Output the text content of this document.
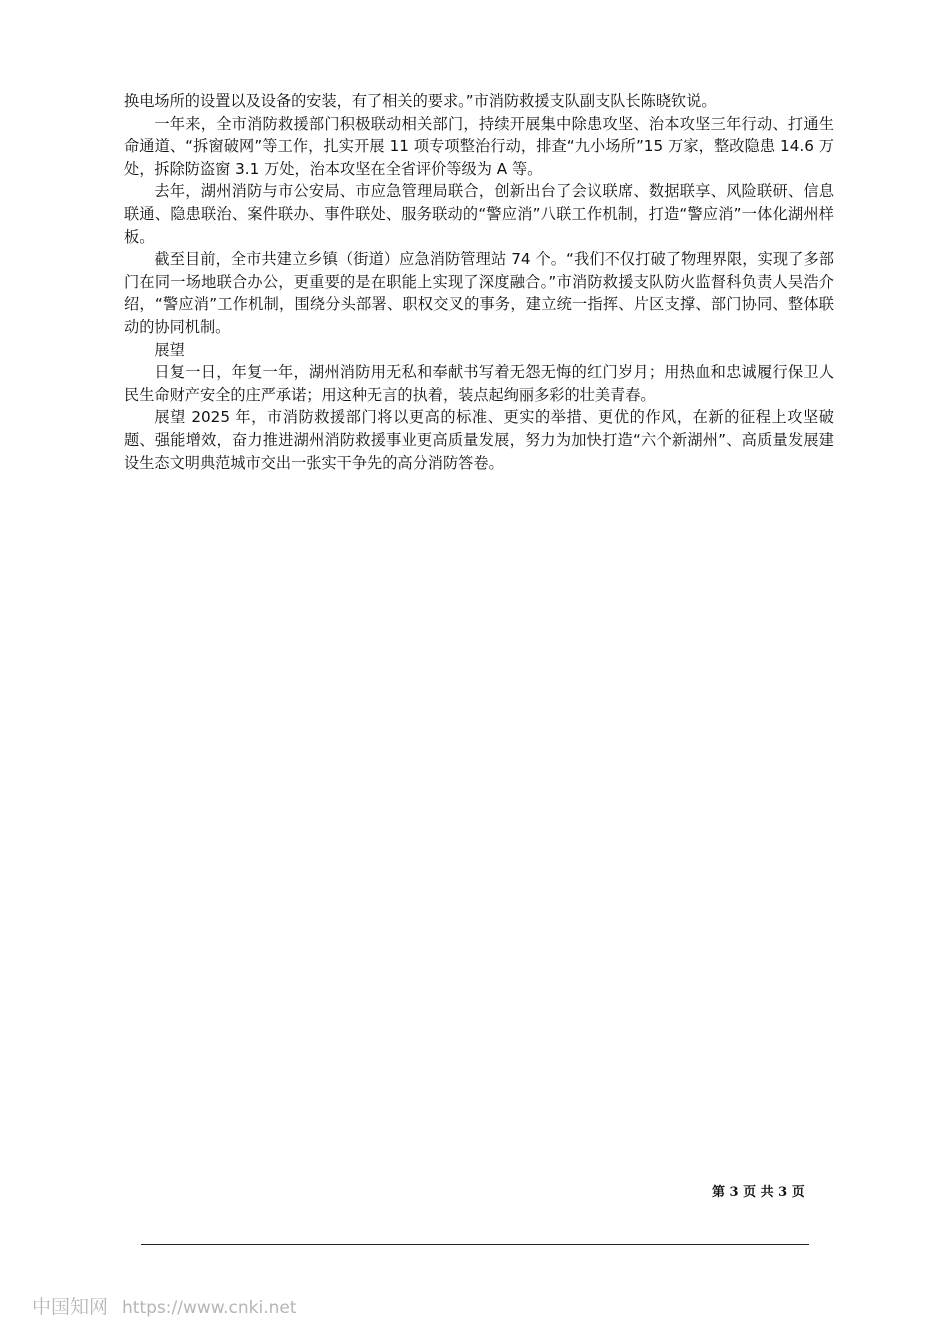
换电场所的设置以及设备的安装，有了相关的要求。”市消防救援支队副支队长陈晓钦说。

一年来，全市消防救援部门积极联动相关部门，持续开展集中除患攻坚、治本攻坚三年行动、打通生命通道、“拆窗破网”等工作，扎实开展 11 项专项整治行动，排查“九小场所”15 万家，整改隐患 14.6 万处，拆除防盗窗 3.1 万处，治本攻坚在全省评价等级为 A 等。

去年，湖州消防与市公安局、市应急管理局联合，创新出台了会议联席、数据联享、风险联研、信息联通、隐患联治、案件联办、事件联处、服务联动的“警应消”八联工作机制，打造“警应消”一体化湖州样板。

截至目前，全市共建立乡镇（街道）应急消防管理站 74 个。“我们不仅打破了物理界限，实现了多部门在同一场地联合办公，更重要的是在职能上实现了深度融合。”市消防救援支队防火监督科负责人吴浩介绍，“警应消”工作机制，围绕分头部署、职权交叉的事务，建立统一指挥、片区支撑、部门协同、整体联动的协同机制。

展望

日复一日，年复一年，湖州消防用无私和奉献书写着无怨无悔的红门岁月；用热血和忠诚履行保卫人民生命财产安全的庄严承诺；用这种无言的执着，装点起绚丽多彩的壮美青春。

展望 2025 年，市消防救援部门将以更高的标准、更实的举措、更优的作风，在新的征程上攻坚破题、强能增效，奋力推进湖州消防救援事业更高质量发展，努力为加快打造“六个新湖州”、高质量发展建设生态文明典范城市交出一张实干争先的高分消防答卷。

第 3 页 共 3 页
中国知网 https://www.cnki.net
